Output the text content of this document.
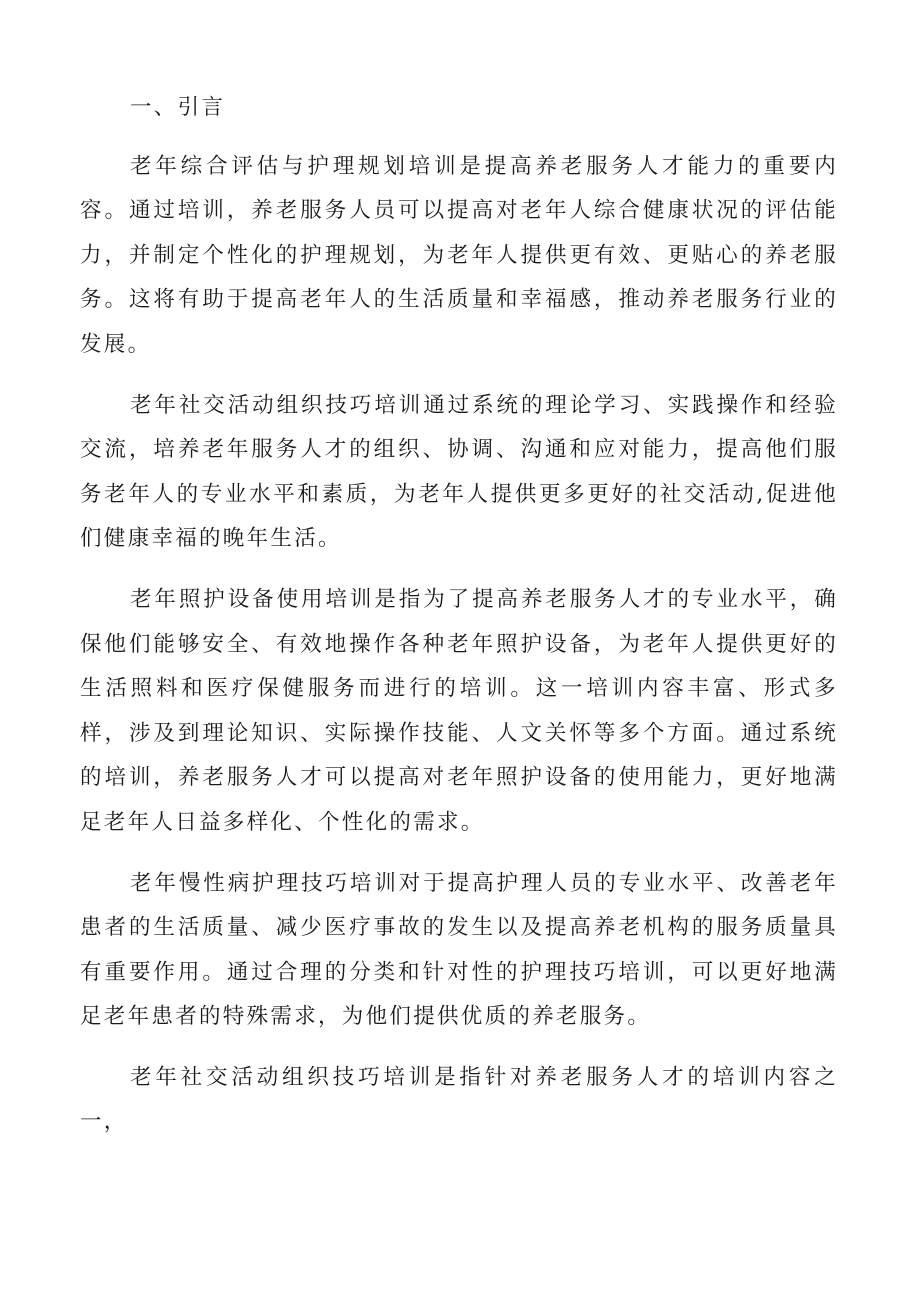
一、引言

老年综合评估与护理规划培训是提高养老服务人才能力的重要内容。通过培训，养老服务人员可以提高对老年人综合健康状况的评估能力，并制定个性化的护理规划，为老年人提供更有效、更贴心的养老服务。这将有助于提高老年人的生活质量和幸福感，推动养老服务行业的发展。

老年社交活动组织技巧培训通过系统的理论学习、实践操作和经验交流，培养老年服务人才的组织、协调、沟通和应对能力，提高他们服务老年人的专业水平和素质，为老年人提供更多更好的社交活动,促进他们健康幸福的晚年生活。

老年照护设备使用培训是指为了提高养老服务人才的专业水平，确保他们能够安全、有效地操作各种老年照护设备，为老年人提供更好的生活照料和医疗保健服务而进行的培训。这一培训内容丰富、形式多样，涉及到理论知识、实际操作技能、人文关怀等多个方面。通过系统的培训，养老服务人才可以提高对老年照护设备的使用能力，更好地满足老年人日益多样化、个性化的需求。

老年慢性病护理技巧培训对于提高护理人员的专业水平、改善老年患者的生活质量、减少医疗事故的发生以及提高养老机构的服务质量具有重要作用。通过合理的分类和针对性的护理技巧培训，可以更好地满足老年患者的特殊需求，为他们提供优质的养老服务。

老年社交活动组织技巧培训是指针对养老服务人才的培训内容之一，
